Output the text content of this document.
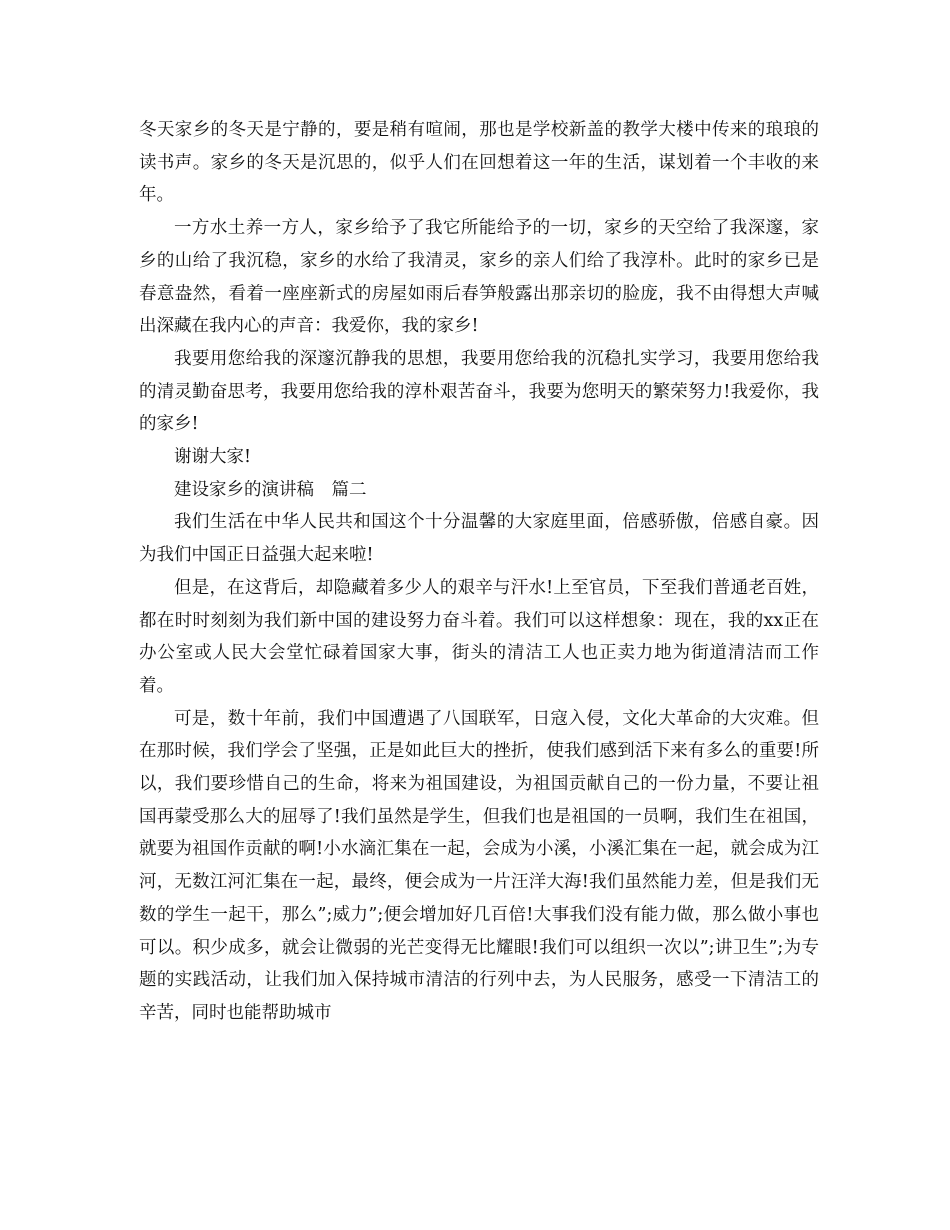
冬天家乡的冬天是宁静的，要是稍有喧闹，那也是学校新盖的教学大楼中传来的琅琅的读书声。家乡的冬天是沉思的，似乎人们在回想着这一年的生活，谋划着一个丰收的来年。

一方水土养一方人，家乡给予了我它所能给予的一切，家乡的天空给了我深邃，家乡的山给了我沉稳，家乡的水给了我清灵，家乡的亲人们给了我淳朴。此时的家乡已是春意盎然，看着一座座新式的房屋如雨后春笋般露出那亲切的脸庞，我不由得想大声喊出深藏在我内心的声音：我爱你，我的家乡!

我要用您给我的深邃沉静我的思想，我要用您给我的沉稳扎实学习，我要用您给我的清灵勤奋思考，我要用您给我的淳朴艰苦奋斗，我要为您明天的繁荣努力!我爱你，我的家乡!

谢谢大家!

建设家乡的演讲稿　篇二

我们生活在中华人民共和国这个十分温馨的大家庭里面，倍感骄傲，倍感自豪。因为我们中国正日益强大起来啦!

但是，在这背后，却隐藏着多少人的艰辛与汗水!上至官员，下至我们普通老百姓，都在时时刻刻为我们新中国的建设努力奋斗着。我们可以这样想象：现在，我的xx正在办公室或人民大会堂忙碌着国家大事，街头的清洁工人也正卖力地为街道清洁而工作着。

可是，数十年前，我们中国遭遇了八国联军，日寇入侵，文化大革命的大灾难。但在那时候，我们学会了坚强，正是如此巨大的挫折，使我们感到活下来有多么的重要!所以，我们要珍惜自己的生命，将来为祖国建设，为祖国贡献自己的一份力量，不要让祖国再蒙受那么大的屈辱了!我们虽然是学生，但我们也是祖国的一员啊，我们生在祖国，就要为祖国作贡献的啊!小水滴汇集在一起，会成为小溪，小溪汇集在一起，就会成为江河，无数江河汇集在一起，最终，便会成为一片汪洋大海!我们虽然能力差，但是我们无数的学生一起干，那么”;威力”;便会增加好几百倍!大事我们没有能力做，那么做小事也可以。积少成多，就会让微弱的光芒变得无比耀眼!我们可以组织一次以”;讲卫生”;为专题的实践活动，让我们加入保持城市清洁的行列中去，为人民服务，感受一下清洁工的辛苦，同时也能帮助城市
